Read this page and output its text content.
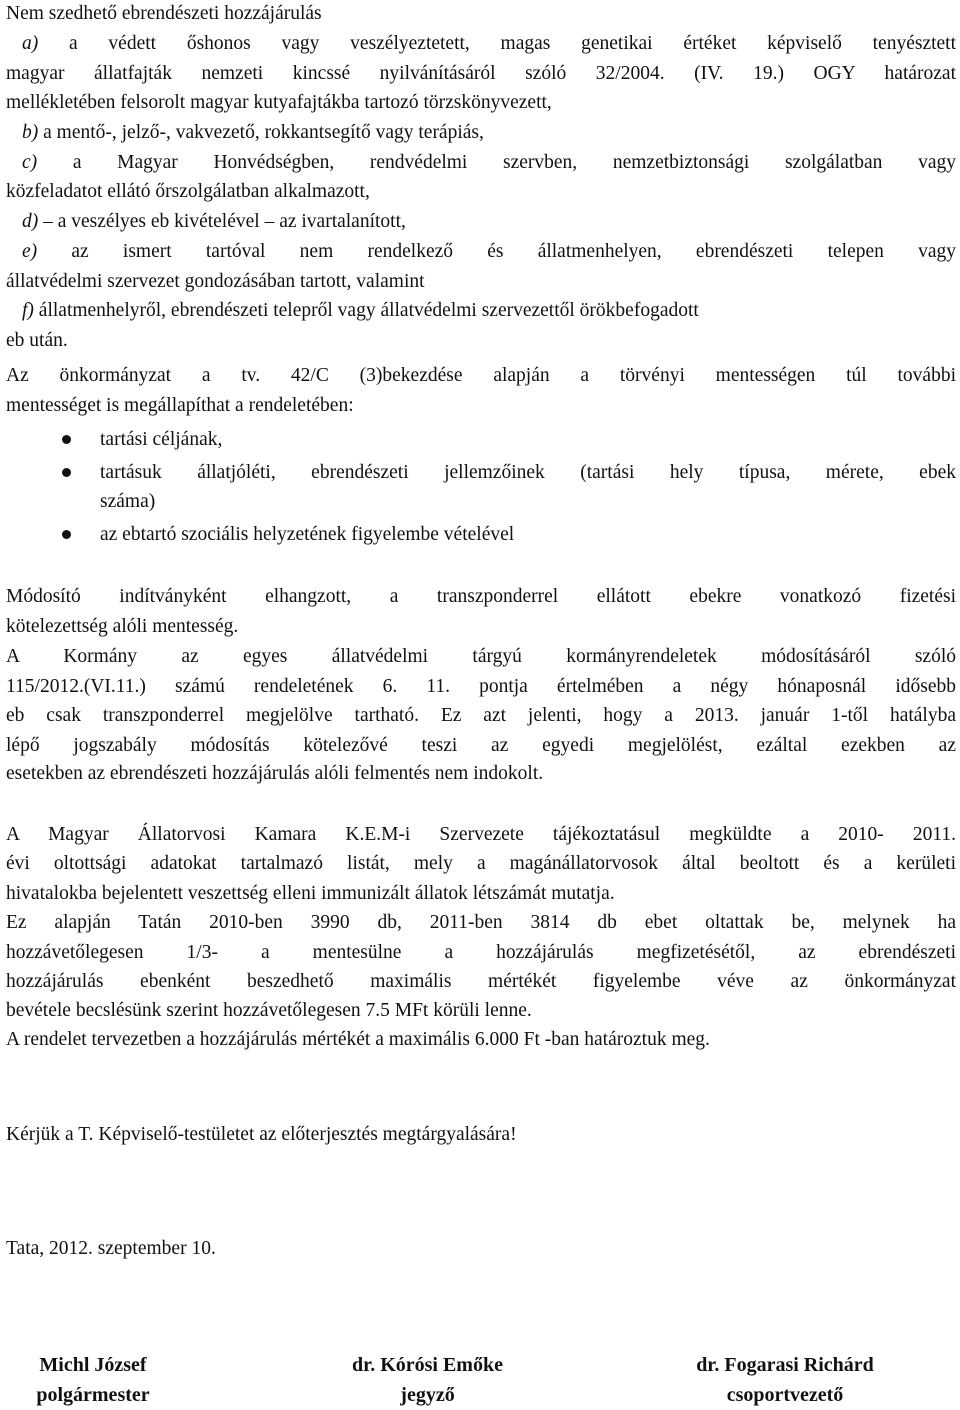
Nem szedhető ebrendészeti hozzájárulás
a) a védett őshonos vagy veszélyeztetett, magas genetikai értéket képviselő tenyésztett
magyar állatfajták nemzeti kincssé nyilvánításáról szóló 32/2004. (IV. 19.) OGY határozat
mellékletében felsorolt magyar kutyafajtákba tartozó törzskönyvezett,
b) a mentő-, jelző-, vakvezető, rokkantsegítő vagy terápiás,
c) a Magyar Honvédségben, rendvédelmi szervben, nemzetbiztonsági szolgálatban vagy
közfeladatot ellátó őrszolgálatban alkalmazott,
d) – a veszélyes eb kivételével – az ivartalanított,
e) az ismert tartóval nem rendelkező és állatmenhelyen, ebrendészeti telepen vagy
állatvédelmi szervezet gondozásában tartott, valamint
f) állatmenhelyről, ebrendészeti telepről vagy állatvédelmi szervezettől örökbefogadott
eb után.
Az önkormányzat a tv. 42/C (3)bekezdése alapján a törvényi mentességen túl további
mentességet is megállapíthat a rendeletében:
tartási céljának,
tartásuk állatjóléti, ebrendészeti jellemzőinek (tartási hely típusa, mérete, ebek
száma)
az ebtartó szociális helyzetének figyelembe vételével
Módosító indítványként elhangzott, a transzponderrel ellátott ebekre vonatkozó fizetési
kötelezettség alóli mentesség.
A Kormány az egyes állatvédelmi tárgyú kormányrendeletek módosításáról szóló
115/2012.(VI.11.) számú rendeletének 6. 11. pontja értelmében a négy hónaposnál idősebb
eb csak transzponderrel megjelölve tartható. Ez azt jelenti, hogy a 2013. január 1-től hatályba
lépő jogszabály módosítás kötelezővé teszi az egyedi megjelölést, ezáltal ezekben az
esetekben az ebrendészeti hozzájárulás alóli felmentés nem indokolt.
A Magyar Állatorvosi Kamara K.E.M-i Szervezete tájékoztatásul megküldte a 2010- 2011.
évi oltottsági adatokat tartalmazó listát, mely a magánállatorvosok által beoltott és a kerületi
hivatalokba bejelentett veszettség elleni immunizált állatok létszámát mutatja.
Ez alapján Tatán 2010-ben 3990 db, 2011-ben 3814 db ebet oltattak be, melynek ha
hozzávetőlegesen 1/3- a mentesülne a hozzájárulás megfizetésétől, az ebrendészeti
hozzájárulás ebenként beszedhető maximális mértékét figyelembe véve az önkormányzat
bevétele becslésünk szerint hozzávetőlegesen 7.5 MFt körüli lenne.
A rendelet tervezetben a hozzájárulás mértékét a maximális 6.000 Ft -ban határoztuk meg.
Kérjük a T. Képviselő-testületet az előterjesztés megtárgyalására!
Tata, 2012. szeptember 10.
Michl József
polgármester
dr. Kórósi Emőke
jegyző
dr. Fogarasi Richárd
csoportvezető
